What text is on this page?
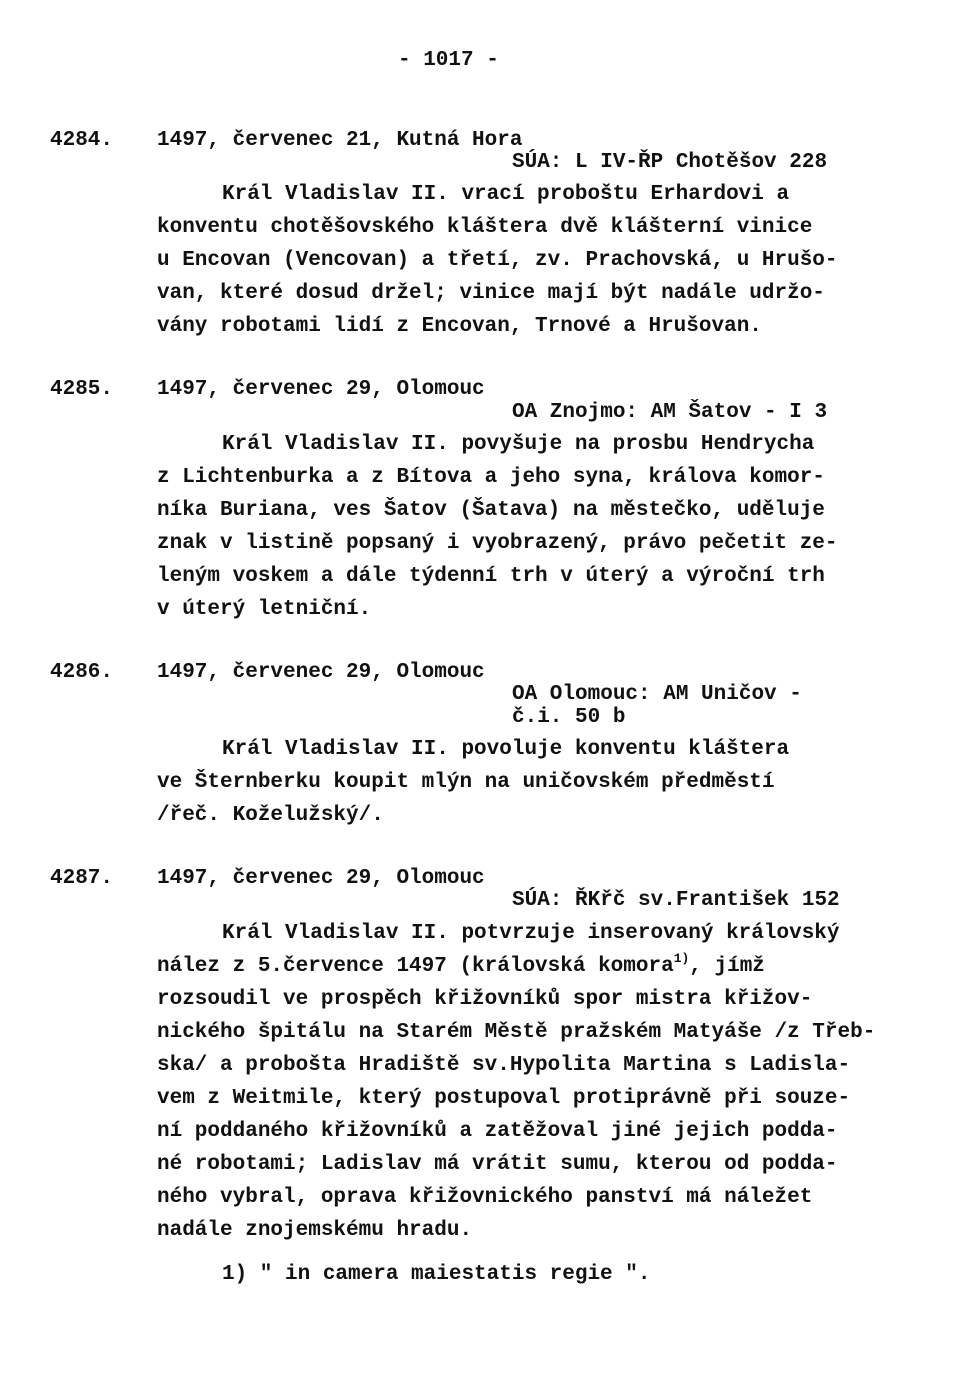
- 1017 -
4284. 1497, červenec 21, Kutná Hora
SÚA: L IV-ŘP Chotěšov 228
Král Vladislav II. vrací proboštu Erhardovi a
konventu chotěšovského kláštera dvě klášterní vinice
u Encovan (Vencovan) a třetí, zv. Prachovská, u Hrušo-
van, které dosud držel; vinice mají být nadále udržo-
vány robotami lidí z Encovan, Trnové a Hrušovan.
4285. 1497, červenec 29, Olomouc
OA Znojmo: AM Šatov - I 3
Král Vladislav II. povyšuje na prosbu Hendrycha
z Lichtenburka a z Bítova a jeho syna, králova komor-
níka Buriana, ves Šatov (Šatava) na městečko, uděluje
znak v listině popsaný i vyobrazený, právo pečetit ze-
leným voskem a dále týdenní trh v úterý a výroční trh
v úterý letniční.
4286. 1497, červenec 29, Olomouc
OA Olomouc: AM Uničov -
č.i. 50 b
Král Vladislav II. povoluje konventu kláštera
ve Šternberku koupit mlýn na uničovském předměstí
/řeč. Koželužský/.
4287. 1497, červenec 29, Olomouc
SÚA: ŘKřč sv.František 152
Král Vladislav II. potvrzuje inserovaný královský
nález z 5.července 1497 (královská komora$^{1)}$, jímž
rozsoudil ve prospěch křižovníků spor mistra křižov-
nického špitálu na Starém Městě pražském Matyáše /z Třeb-
ska/ a probošta Hradiště sv.Hypolita Martina s Ladisla-
vem z Weitmile, který postupoval protiprávně při souze-
ní poddaného křižovníků a zatěžoval jiné jejich podda-
né robotami; Ladislav má vrátit sumu, kterou od podda-
ného vybral, oprava křižovnického panství má náležet
nadále znojemskému hradu.
1) " in camera maiestatis regie ".
